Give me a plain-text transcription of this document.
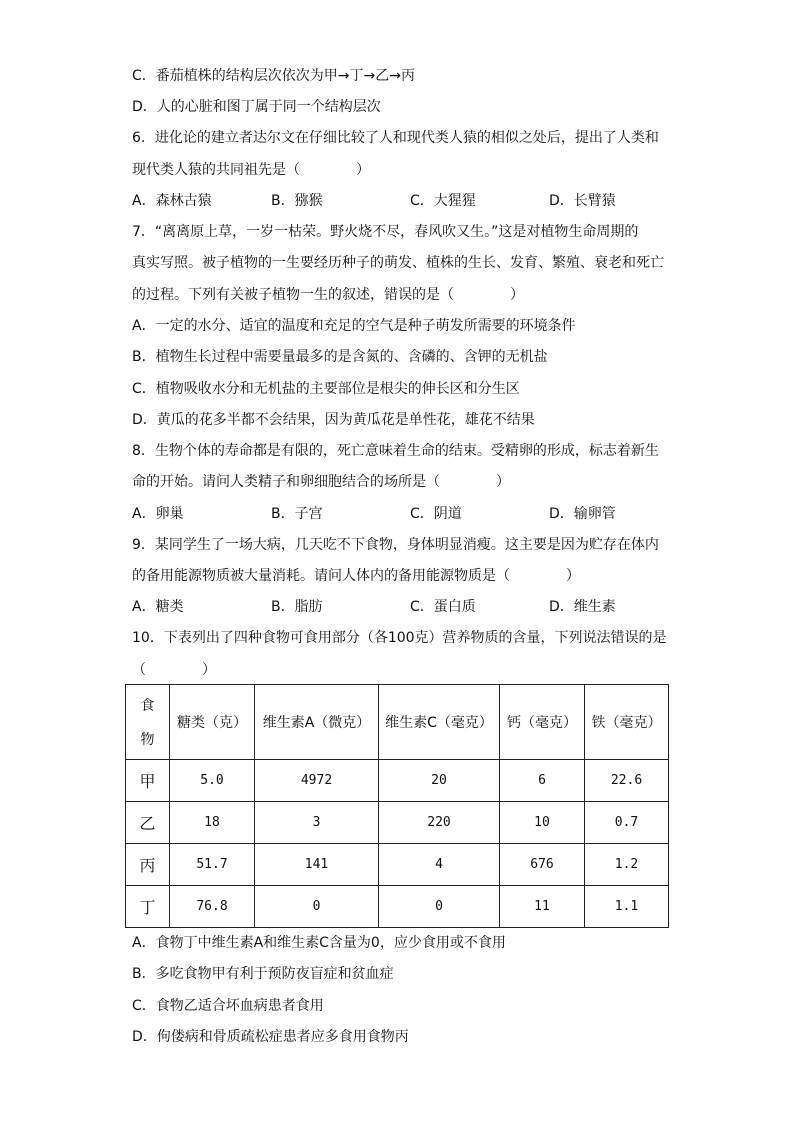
C．番茄植株的结构层次依次为甲→丁→乙→丙
D．人的心脏和图丁属于同一个结构层次
6．进化论的建立者达尔文在仔细比较了人和现代类人猿的相似之处后，提出了人类和
现代类人猿的共同祖先是（　　　　）
A．森林古猿	B．猕猴	C．大猩猩	D．长臂猿
7．“离离原上草，一岁一枯荣。野火烧不尽，春风吹又生。”这是对植物生命周期的
真实写照。被子植物的一生要经历种子的萌发、植株的生长、发育、繁殖、衰老和死亡
的过程。下列有关被子植物一生的叙述，错误的是（　　　　）
A．一定的水分、适宜的温度和充足的空气是种子萌发所需要的环境条件
B．植物生长过程中需要量最多的是含氮的、含磷的、含钾的无机盐
C．植物吸收水分和无机盐的主要部位是根尖的伸长区和分生区
D．黄瓜的花多半都不会结果，因为黄瓜花是单性花，雄花不结果
8．生物个体的寿命都是有限的，死亡意味着生命的结束。受精卵的形成，标志着新生
命的开始。请问人类精子和卵细胞结合的场所是（　　　　）
A．卵巢	B．子宫	C．阴道	D．输卵管
9．某同学生了一场大病，几天吃不下食物，身体明显消瘦。这主要是因为贮存在体内
的备用能源物质被大量消耗。请问人体内的备用能源物质是（　　　　）
A．糖类	B．脂肪	C．蛋白质	D．维生素
10．下表列出了四种食物可食用部分（各100克）营养物质的含量，下列说法错误的是
（　　　　）
食
物	糖类（克）	维生素A（微克）	维生素C（毫克）	钙（毫克）	铁（毫克）
甲	5.0	4972	20	6	22.6
乙	18	3	220	10	0.7
丙	51.7	141	4	676	1.2
丁	76.8	0	0	11	1.1
A．食物丁中维生素A和维生素C含量为0，应少食用或不食用
B．多吃食物甲有利于预防夜盲症和贫血症
C．食物乙适合坏血病患者食用
D．佝偻病和骨质疏松症患者应多食用食物丙
